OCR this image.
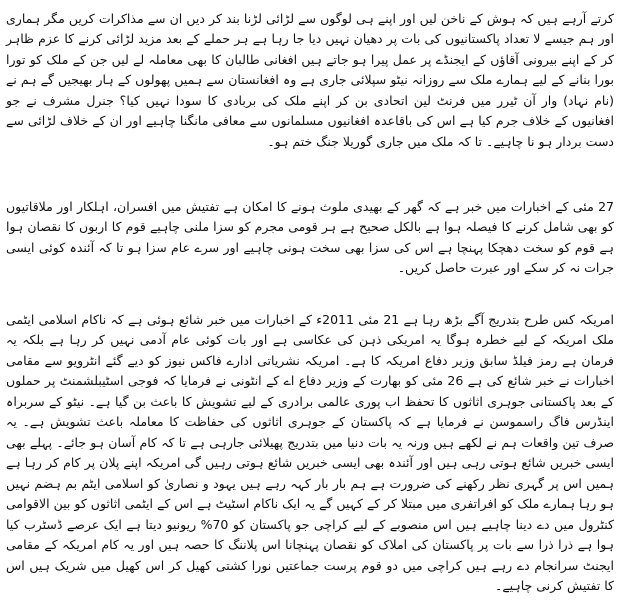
کرتے آرہے ہیں کہ ہوش کے ناخن لیں اور اپنے ہی لوگوں سے لڑائی لڑنا بند کر دیں ان سے مذاکرات کریں مگر ہماری اور ہم جیسے لا تعداد پاکستانیوں کی بات پر دھیان نہیں دیا جا رہا ہے ہر حملے کے بعد مزید لڑائی کرنے کا عزم ظاہر کر کے اپنے بیرونی آقاؤں کے ایجنڈے پر عمل پیرا ہو جاتے ہیں افغانی طالبان کا بھی معاملہ لے لیں جن کے ملک کو تورا بورا بنانے کے لیے ہمارے ملک سے روزانہ نیٹو سپلائی جاری ہے وہ افغانستان سے ہمیں پھولوں کے ہار بھیجیں گے ہم نے (نام نہاد) وار آن ٹیرر میں فرنٹ لین اتحادی بن کر اپنے ملک کی بربادی کا سودا نہیں کیا؟ جنرل مشرف نے جو افغانیوں کے خلاف جرم کیا ہے اس کی باقاعدہ افغانیوں مسلمانوں سے معافی مانگنا چاہیے اور ان کے خلاف لڑائی سے دست بردار ہو نا چاہیے۔ تا کہ ملک میں جاری گوریلا جنگ ختم ہو۔

27 مئی کے اخبارات میں خبر ہے کہ گھر کے بھیدی ملوث ہونے کا امکان ہے تفتیش میں افسران، اہلکار اور ملاقاتیوں کو بھی شامل کرنے کا فیصلہ ہوا ہے بالکل صحیح ہے ہر قومی مجرم کو سزا ملنی چاہیے قوم کا اربوں کا نقصان ہوا ہے قوم کو سخت دھچکا پہنچا ہے اس کی سزا بھی سخت ہونی چاہیے اور سرے عام سزا ہو تا کہ آئندہ کوئی ایسی جرات نہ کر سکے اور عبرت حاصل کریں۔

امریکہ کس طرح بتدریج آگے بڑھ رہا ہے 21 مئی 2011ء کے اخبارات میں خبر شائع ہوئی ہے کہ ناکام اسلامی ایٹمی ملک امریکہ کے لیے خطرہ ہوگا یہ امریکی ذہن کی عکاسی ہے اور بات کوئی عام آدمی نہیں کر رہا ہے بلکہ یہ فرمان ہے رمز فیلڈ سابق وزیر دفاع امریکہ کا ہے۔ امریکہ نشریاتی ادارے فاکس نیوز کو دیے گئے انٹرویو سے مقامی اخبارات نے خبر شائع کی ہے 26 مئی کو بھارت کے وزیر دفاع اے کے انٹونی نے فرمایا کہ فوجی اسٹیبلشمنٹ پر حملوں کے بعد پاکستانی جوہری اثاثوں کا تحفظ اب پوری عالمی برادری کے لیے تشویش کا باعث بن گیا ہے۔ نیٹو کے سربراہ اینڈرس فاگ راسموسن نے فرمایا ہے کہ پاکستان کے جوہری اثاثوں کی حفاظت کا معاملہ باعث تشویش ہے۔ یہ صرف تین واقعات ہم نے لکھے ہیں ورنہ یہ بات دنیا میں بتدریج پھیلائی جارہی ہے تا کہ کام آسان ہو جائے۔ پہلے بھی ایسی خبریں شائع ہوتی رہی ہیں اور آئندہ بھی ایسی خبریں شائع ہوتی رہیں گی امریکہ اپنے پلان پر کام کر رہا ہے ہمیں اس پر گہری نظر رکھنے کی ضرورت ہے ہم بار بار کہہ رہے ہیں یہود و نصاریٰ کو اسلامی ایٹم بم ہضم نہیں ہو رہا ہمارے ملک کو افراتفری میں مبتلا کر کے کہیں گے یہ ایک ناکام اسٹیٹ ہے اس کے ایٹمی اثاثوں کو بین الاقوامی کنٹرول میں دے دینا چاہیے ہیں اس منصوبے کے لیے کراچی جو پاکستان کو 70% ریونیو دیتا ہے ایک عرصے ڈسٹرب کیا ہوا ہے ذرا ذرا سے بات پر پاکستان کی املاک کو نقصان پہنچانا اس پلاننگ کا حصہ ہیں اور یہ کام امریکہ کے مقامی ایجنٹ سرانجام دے رہے ہیں کراچی میں دو قوم پرست جماعتیں نورا کشتی کھیل کر اس کھیل میں شریک ہیں اس کا تفتیش کرنی چاہیے۔
